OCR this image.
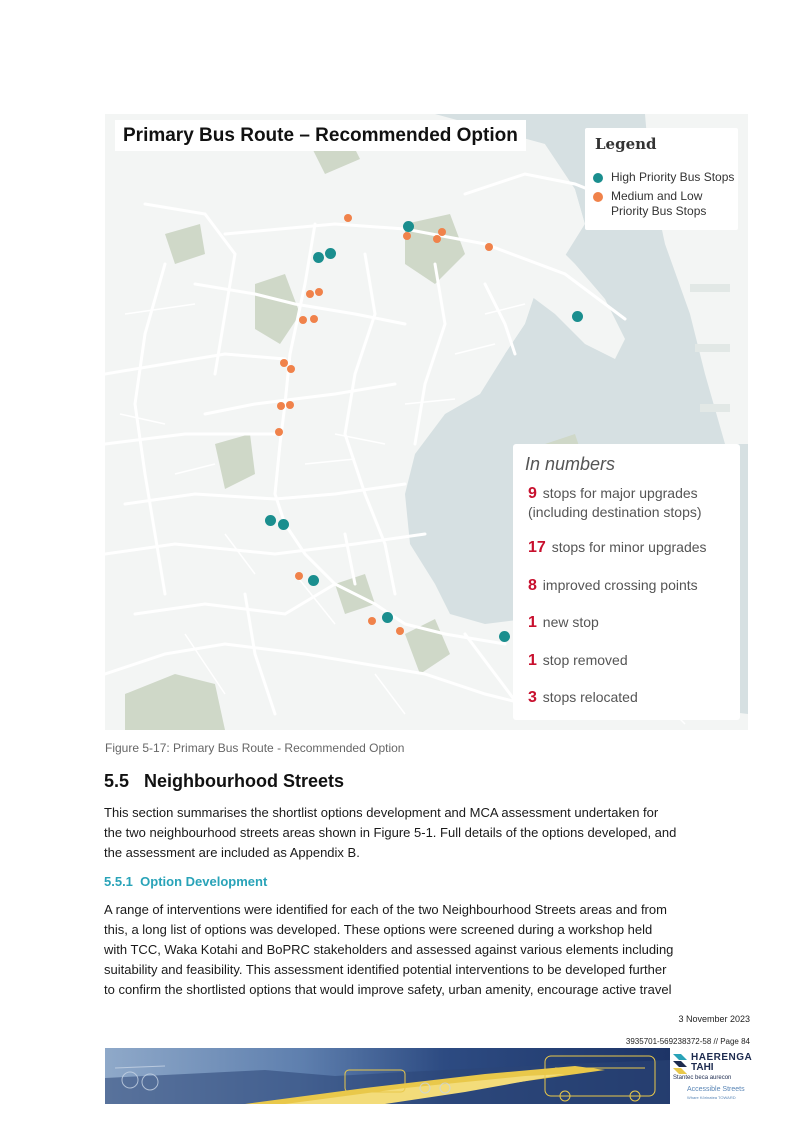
Primary Bus Route – Recommended Option	Legend
High Priority Bus Stops
Medium and Low Priority Bus Stops
In numbers
9 stops for major upgrades (including destination stops)
17 stops for minor upgrades
8 improved crossing points
1 new stop
1 stop removed
3 stops relocated
Figure 5-17: Primary Bus Route - Recommended Option
5.5 Neighbourhood Streets
This section summarises the shortlist options development and MCA assessment undertaken for
the two neighbourhood streets areas shown in Figure 5-1. Full details of the options developed, and
the assessment are included as Appendix B.
5.5.1 Option Development
A range of interventions were identified for each of the two Neighbourhood Streets areas and from
this, a long list of options was developed. These options were screened during a workshop held
with TCC, Waka Kotahi and BoPRC stakeholders and assessed against various elements including
suitability and feasibility. This assessment identified potential interventions to be developed further
to confirm the shortlisted options that would improve safety, urban amenity, encourage active travel
3 November 2023
3935701-569238372-58 // Page 84
HAERENGA
TAHI
Stantec beca aurecon
Accessible Streets
Whare Kōrinatea TOWARD
